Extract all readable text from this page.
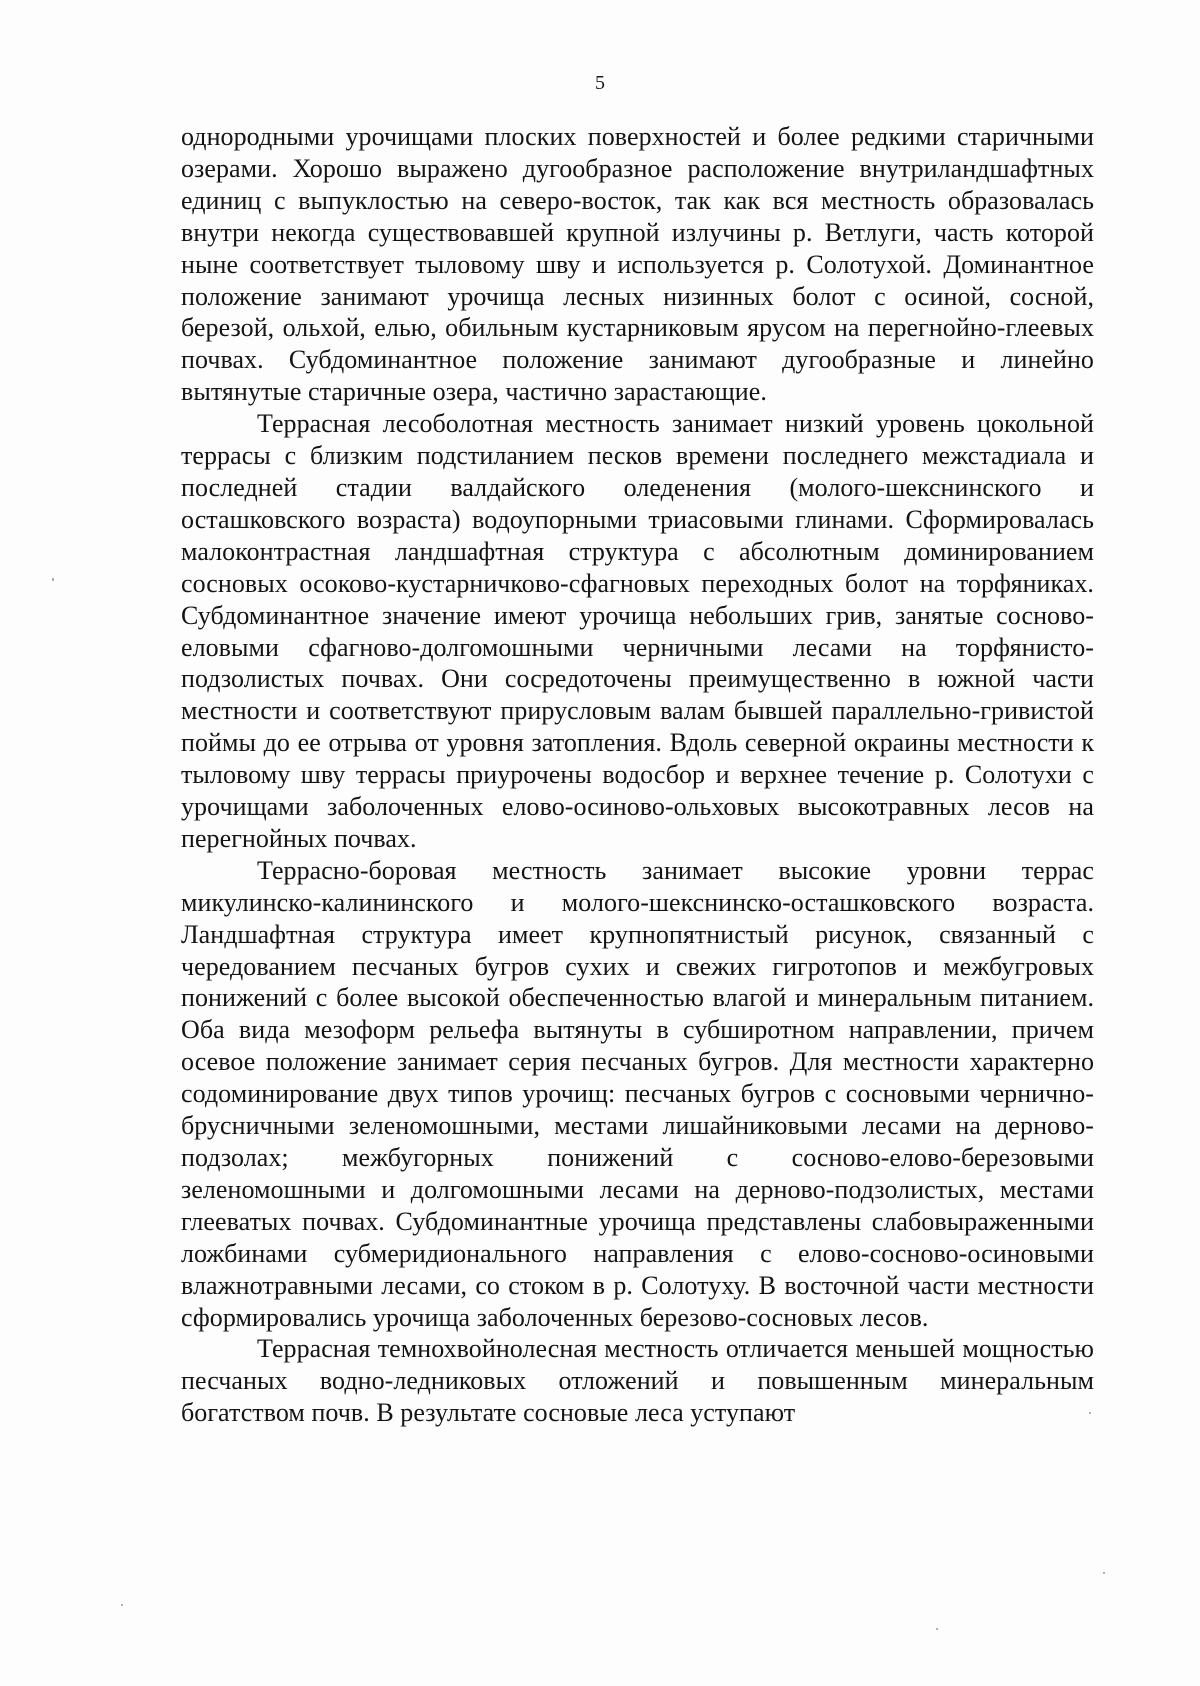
5

однородными урочищами плоских поверхностей и более редкими старичными озерами. Хорошо выражено дугообразное расположение внутриландшафтных единиц с выпуклостью на северо-восток, так как вся местность образовалась внутри некогда существовавшей крупной излучины р. Ветлуги, часть которой ныне соответствует тыловому шву и используется р. Солотухой. Доминантное положение занимают урочища лесных низинных болот с осиной, сосной, березой, ольхой, елью, обильным кустарниковым ярусом на перегнойно-глеевых почвах. Субдоминантное положение занимают дугообразные и линейно вытянутые старичные озера, частично зарастающие.

Террасная лесоболотная местность занимает низкий уровень цокольной террасы с близким подстиланием песков времени последнего межстадиала и последней стадии валдайского оледенения (молого-шекснинского и осташковского возраста) водоупорными триасовыми глинами. Сформировалась малоконтрастная ландшафтная структура с абсолютным доминированием сосновых осоково-кустарничково-сфагновых переходных болот на торфяниках. Субдоминантное значение имеют урочища небольших грив, занятые сосново-еловыми сфагново-долгомошными черничными лесами на торфянисто-подзолистых почвах. Они сосредоточены преимущественно в южной части местности и соответствуют прирусловым валам бывшей параллельно-гривистой поймы до ее отрыва от уровня затопления. Вдоль северной окраины местности к тыловому шву террасы приурочены водосбор и верхнее течение р. Солотухи с урочищами заболоченных елово-осиново-ольховых высокотравных лесов на перегнойных почвах.

Террасно-боровая местность занимает высокие уровни террас микулинско-калининского и молого-шекснинско-осташковского возраста. Ландшафтная структура имеет крупнопятнистый рисунок, связанный с чередованием песчаных бугров сухих и свежих гигротопов и межбугровых понижений с более высокой обеспеченностью влагой и минеральным питанием. Оба вида мезоформ рельефа вытянуты в субширотном направлении, причем осевое положение занимает серия песчаных бугров. Для местности характерно содоминирование двух типов урочищ: песчаных бугров с сосновыми чернично-брусничными зеленомошными, местами лишайниковыми лесами на дерново-подзолах; межбугорных понижений с сосново-елово-березовыми зеленомошными и долгомошными лесами на дерново-подзолистых, местами глееватых почвах. Субдоминантные урочища представлены слабовыраженными ложбинами субмеридионального направления с елово-сосново-осиновыми влажнотравными лесами, со стоком в р. Солотуху. В восточной части местности сформировались урочища заболоченных березово-сосновых лесов.

Террасная темнохвойнолесная местность отличается меньшей мощностью песчаных водно-ледниковых отложений и повышенным минеральным богатством почв. В результате сосновые леса уступают
